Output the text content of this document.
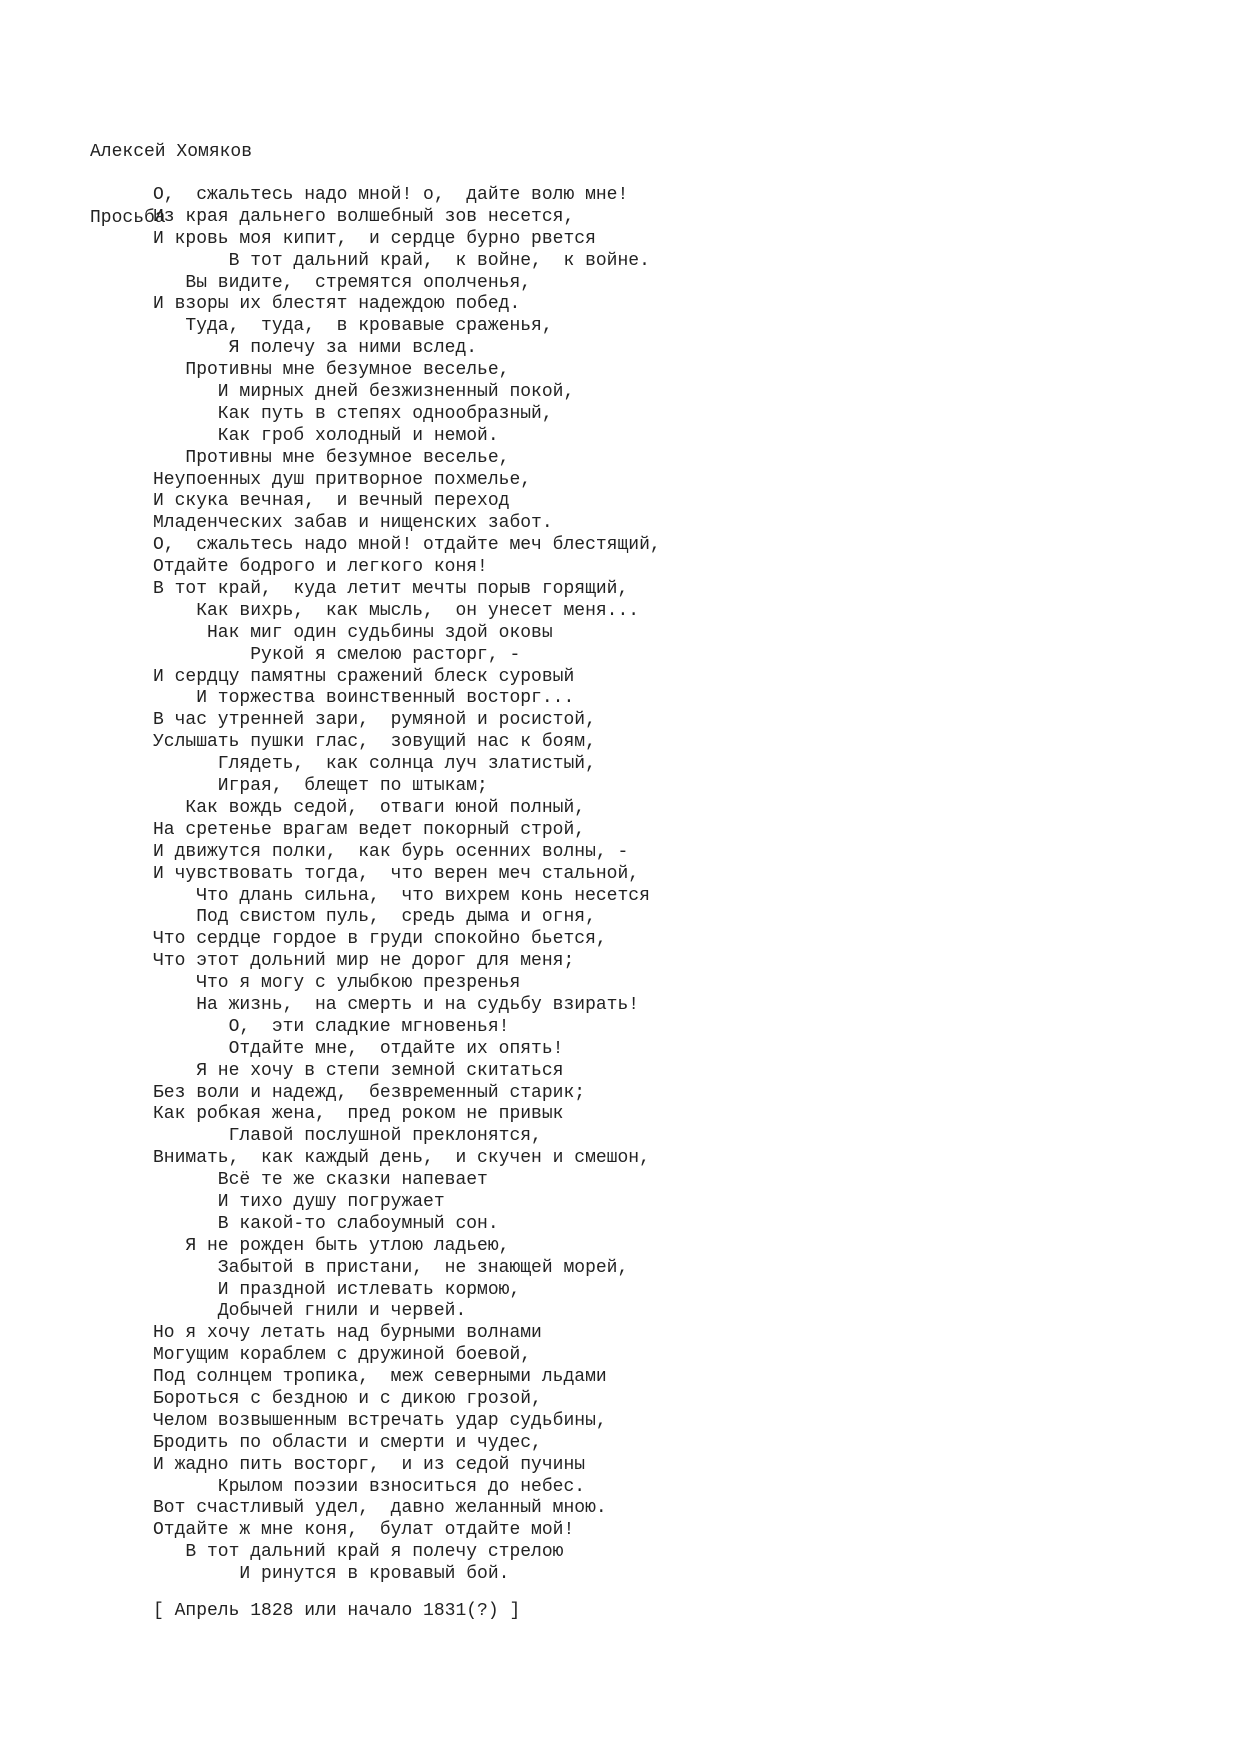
Алексей Хомяков

Просьба

О,  сжальтесь надо мной! о,  дайте волю мне!
Из края дальнего волшебный зов несется,
И кровь моя кипит,  и сердце бурно рвется
В тот дальний край,  к войне,  к войне.
Вы видите,  стремятся ополченья,
И взоры их блестят надеждою побед.
Туда,  туда,  в кровавые сраженья,
Я полечу за ними вслед.
Противны мне безумное веселье,
И мирных дней безжизненный покой,
Как путь в степях однообразный,
Как гроб холодный и немой.
Противны мне безумное веселье,
Неупоенных душ притворное похмелье,
И скука вечная,  и вечный переход
Младенческих забав и нищенских забот.
О,  сжальтесь надо мной! отдайте меч блестящий,
Отдайте бодрого и легкого коня!
В тот край,  куда летит мечты порыв горящий,
Как вихрь,  как мысль,  он унесет меня...
Нак миг один судьбины здой оковы
Рукой я смелою расторг, -
И сердцу памятны сражений блеск суровый
И торжества воинственный восторг...
В час утренней зари,  румяной и росистой,
Услышать пушки глас,  зовущий нас к боям,
Глядеть,  как солнца луч златистый,
Играя,  блещет по штыкам;
Как вождь седой,  отваги юной полный,
На сретенье врагам ведет покорный строй,
И движутся полки,  как бурь осенних волны, -
И чувствовать тогда,  что верен меч стальной,
Что длань сильна,  что вихрем конь несется
Под свистом пуль,  средь дыма и огня,
Что сердце гордое в груди спокойно бьется,
Что этот дольний мир не дорог для меня;
Что я могу с улыбкою презренья
На жизнь,  на смерть и на судьбу взирать!
О,  эти сладкие мгновенья!
Отдайте мне,  отдайте их опять!
Я не хочу в степи земной скитаться
Без воли и надежд,  безвременный старик;
Как робкая жена,  пред роком не привык
Главой послушной преклонятся,
Внимать,  как каждый день,  и скучен и смешон,
Всё те же сказки напевает
И тихо душу погружает
В какой-то слабоумный сон.
Я не рожден быть утлою ладьею,
Забытой в пристани,  не знающей морей,
И праздной истлевать кормою,
Добычей гнили и червей.
Но я хочу летать над бурными волнами
Могущим кораблем с дружиной боевой,
Под солнцем тропика,  меж северными льдами
Бороться с бездною и с дикою грозой,
Челом возвышенным встречать удар судьбины,
Бродить по области и смерти и чудес,
И жадно пить восторг,  и из седой пучины
Крылом поэзии взноситься до небес.
Вот счастливый удел,  давно желанный мною.
Отдайте ж мне коня,  булат отдайте мой!
В тот дальний край я полечу стрелою
И ринутся в кровавый бой.
[ Апрель 1828 или начало 1831(?) ]
